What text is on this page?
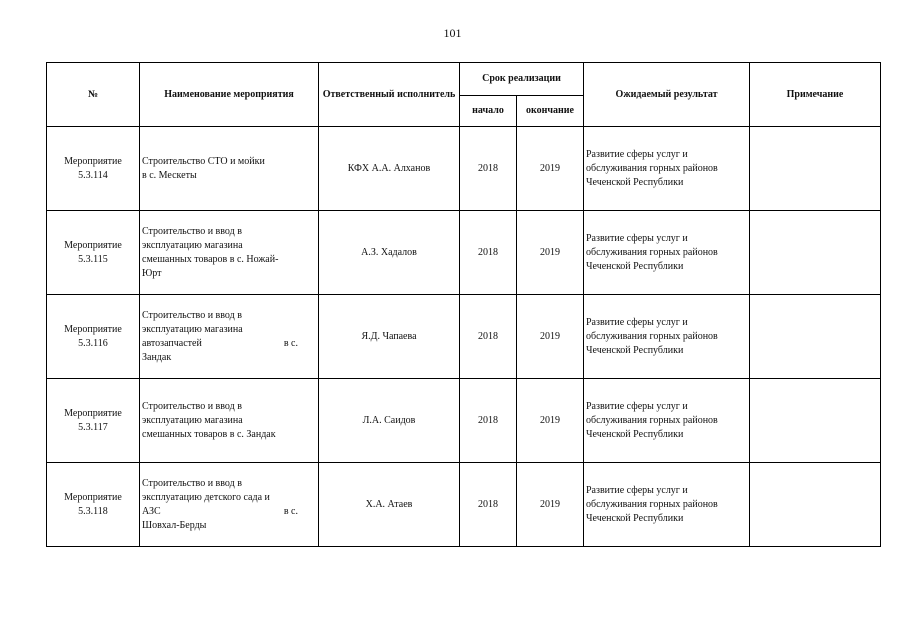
101
№	Наименование мероприятия	Ответственный исполнитель	Срок реализации		Ожидаемый результат	Примечание
			начало	окончание		
Мероприятие 5.3.114	Строительство СТО и мойки
в с. Мескеты	КФХ А.А. Алханов	2018	2019	Развитие сферы услуг и обслуживания горных районов Чеченской Республики	
Мероприятие 5.3.115	Строительство и ввод в
эксплуатацию магазина
смешанных товаров в с. Ножай-
Юрт	А.З. Хадалов	2018	2019	Развитие сферы услуг и обслуживания горных районов Чеченской Республики	
Мероприятие 5.3.116	Строительство и ввод в
эксплуатацию магазина
автозапчастей в с.
Зандак	Я.Д. Чапаева	2018	2019	Развитие сферы услуг и обслуживания горных районов Чеченской Республики	
Мероприятие 5.3.117	Строительство и ввод в
эксплуатацию магазина
смешанных товаров в с. Зандак	Л.А. Саидов	2018	2019	Развитие сферы услуг и обслуживания горных районов Чеченской Республики	
Мероприятие 5.3.118	Строительство и ввод в
эксплуатацию детского сада и
АЗС в с.
Шовхал-Берды	Х.А. Атаев	2018	2019	Развитие сферы услуг и обслуживания горных районов Чеченской Республики	
